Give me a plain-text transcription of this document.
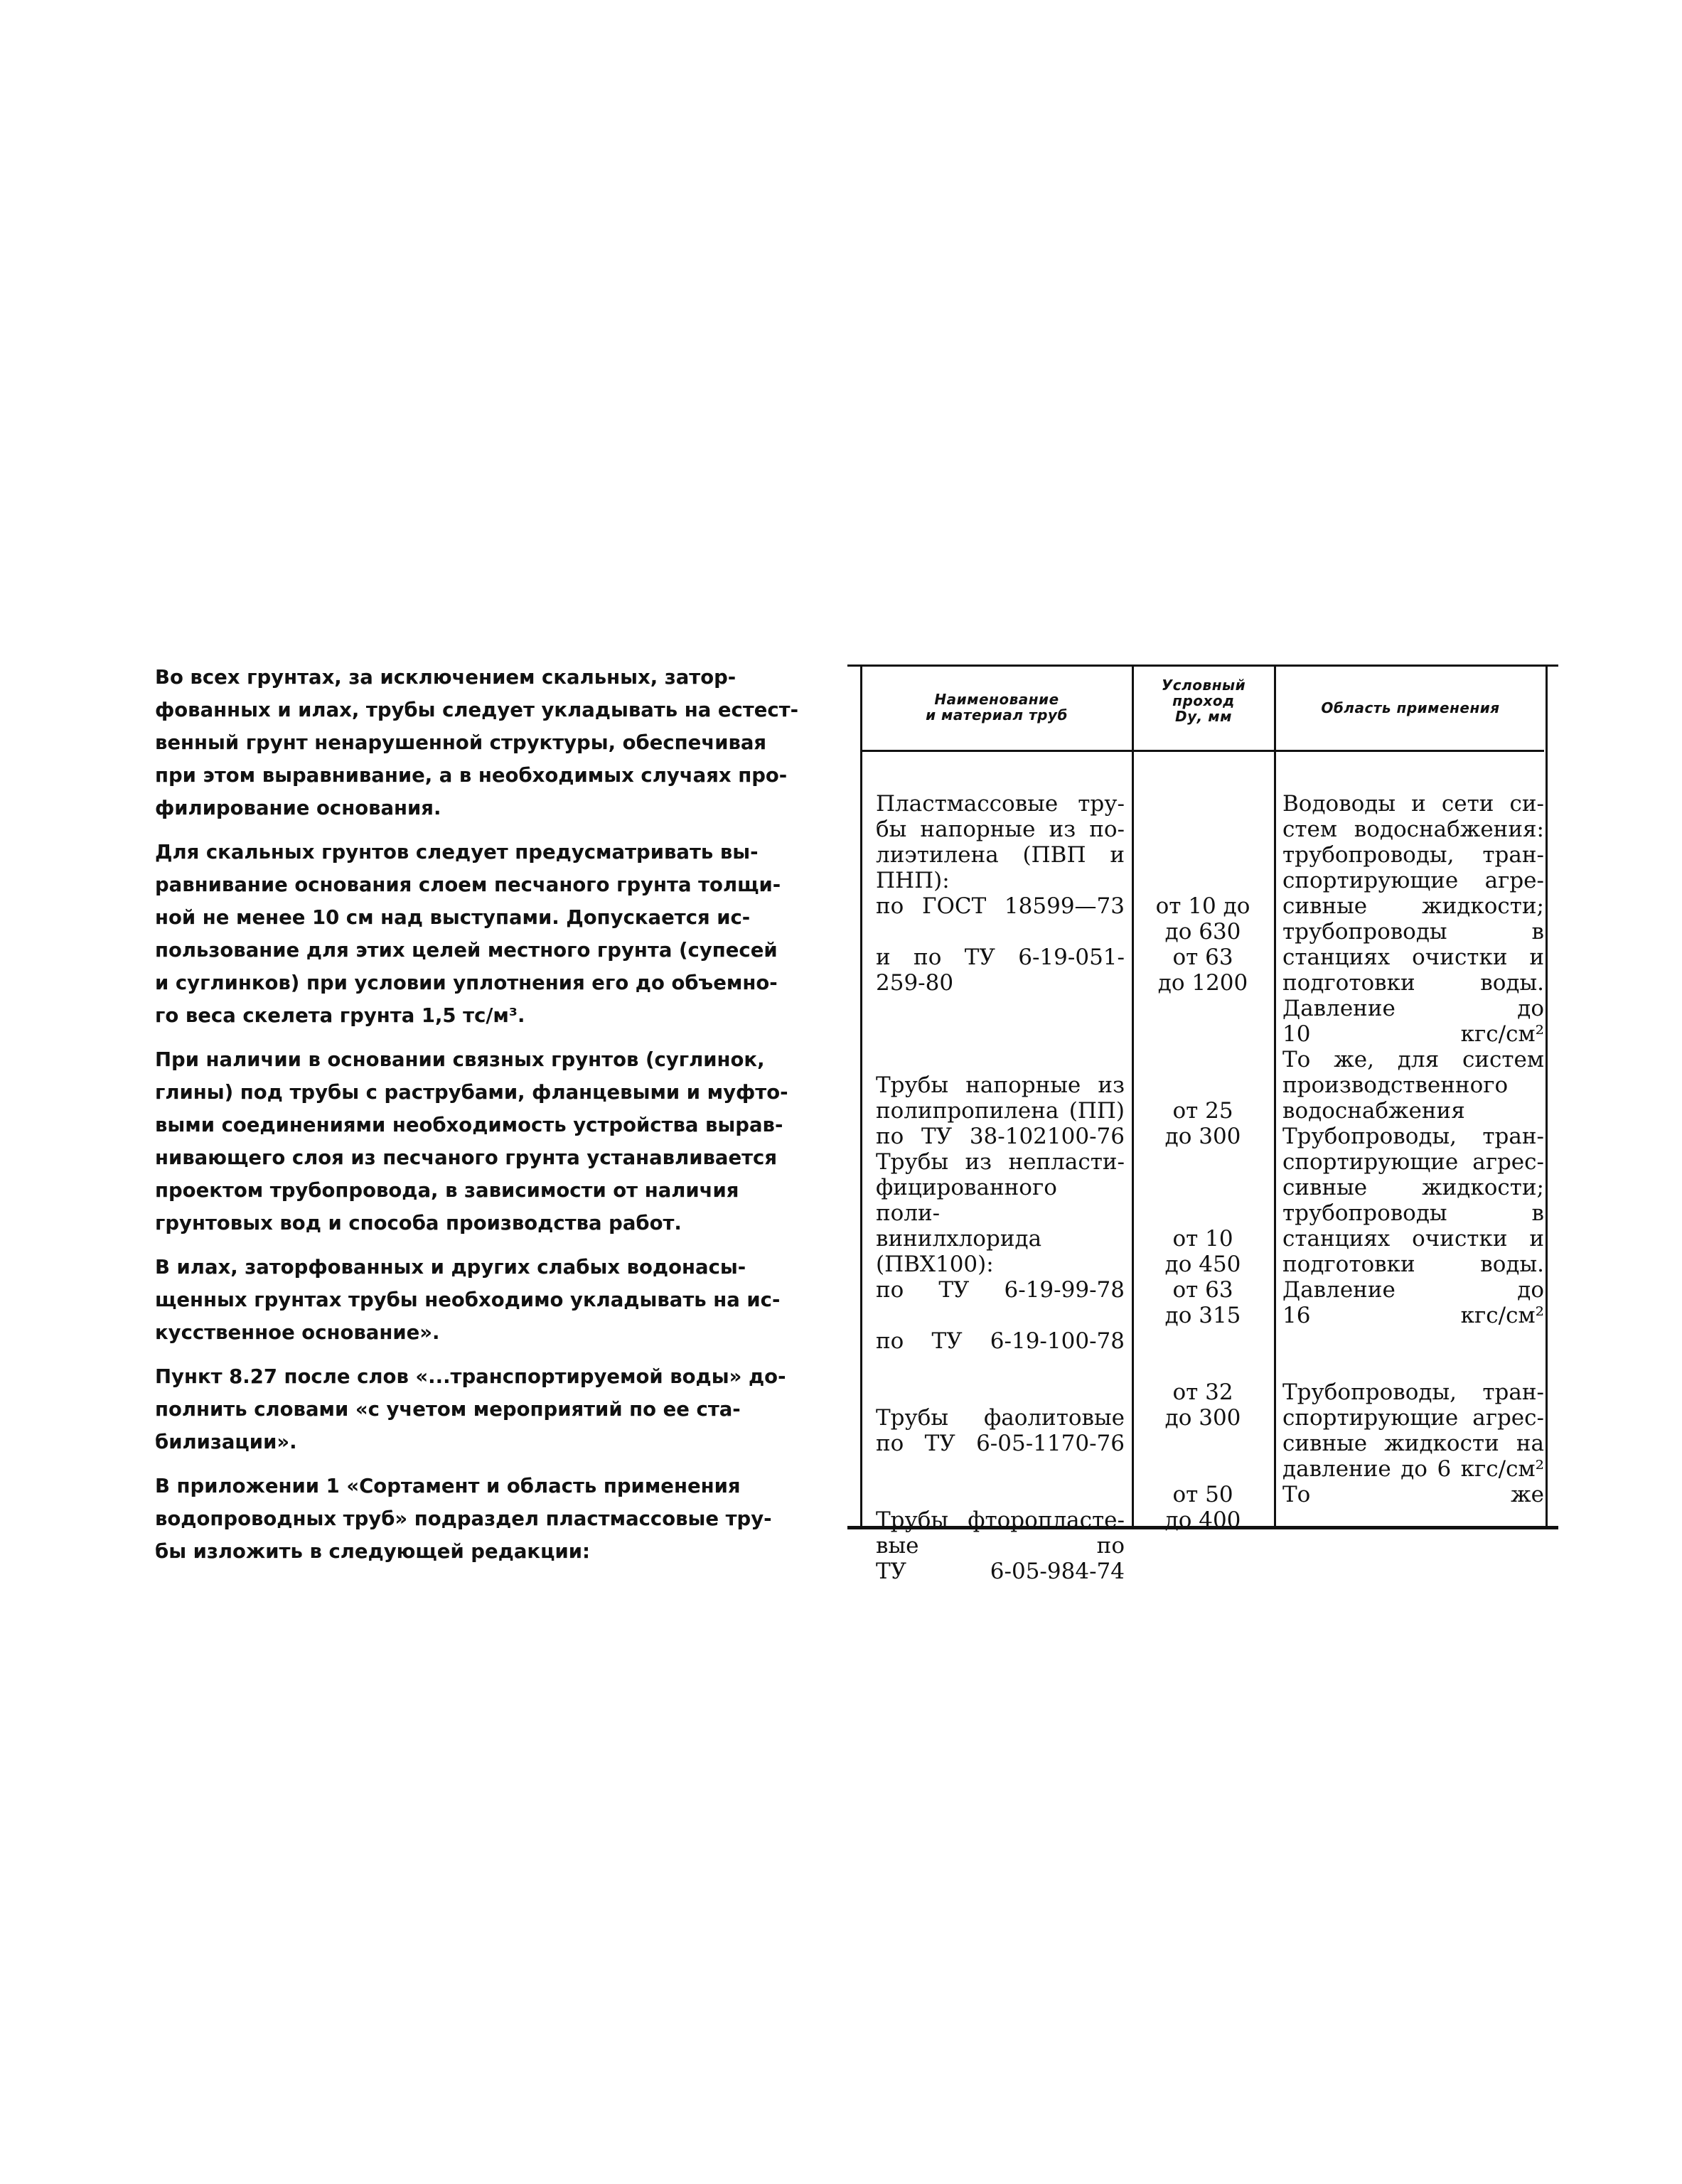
Во всех грунтах, за исключением скальных, затор-
фованных и илах, трубы следует укладывать на естест-
венный грунт ненарушенной структуры, обеспечивая
при этом выравнивание, а в необходимых случаях про-
филирование основания.

Для скальных грунтов следует предусматривать вы-
равнивание основания слоем песчаного грунта толщи-
ной не менее 10 см над выступами. Допускается ис-
пользование для этих целей местного грунта (супесей
и суглинков) при условии уплотнения его до объемно-
го веса скелета грунта 1,5 тс/м³.

При наличии в основании связных грунтов (суглинок,
глины) под трубы с раструбами, фланцевыми и муфто-
выми соединениями необходимость устройства вырав-
нивающего слоя из песчаного грунта устанавливается
проектом трубопровода, в зависимости от наличия
грунтовых вод и способа производства работ.

В илах, заторфованных и других слабых водонасы-
щенных грунтах трубы необходимо укладывать на ис-
кусственное основание».

Пункт 8.27 после слов «...транспортируемой воды» до-
полнить словами «с учетом мероприятий по ее ста-
билизации».

В приложении 1 «Сортамент и область применения
водопроводных труб» подраздел пластмассовые тру-
бы изложить в следующей редакции:

Наименование
и материал труб
Условный
проход
Dу, мм	Область применения
Пластмассовые тру-
бы напорные из по-
лиэтилена (ПВП и
ПНП):
по ГОСТ 18599—73

и по ТУ 6-19-051-
259-80

Трубы напорные из
полипропилена (ПП)
по ТУ 38-102100-76
Трубы из непласти-
фицированного поли-
винилхлорида
(ПВХ100):
по ТУ 6-19-99-78

по ТУ 6-19-100-78

Трубы фаолитовые
по ТУ 6-05-1170-76

Трубы фторопласте-
вые по
ТУ 6-05-984-74

от 10 до
до 630
от 63
до 1200

от 25
до 300

от 10
до 450
от 63
до 315

от 32
до 300

от 50
до 400
Водоводы и сети си-
стем водоснабжения:
трубопроводы, тран-
спортирующие агре-
сивные жидкости;
трубопроводы в
станциях очистки и
подготовки воды.
Давление до
10 кгс/см²
То же, для систем
производственного
водоснабжения
Трубопроводы, тран-
спортирующие агрес-
сивные жидкости;
трубопроводы в
станциях очистки и
подготовки воды.
Давление до
16 кгс/см²

Трубопроводы, тран-
спортирующие агрес-
сивные жидкости на
давление до 6 кгс/см²
То же
